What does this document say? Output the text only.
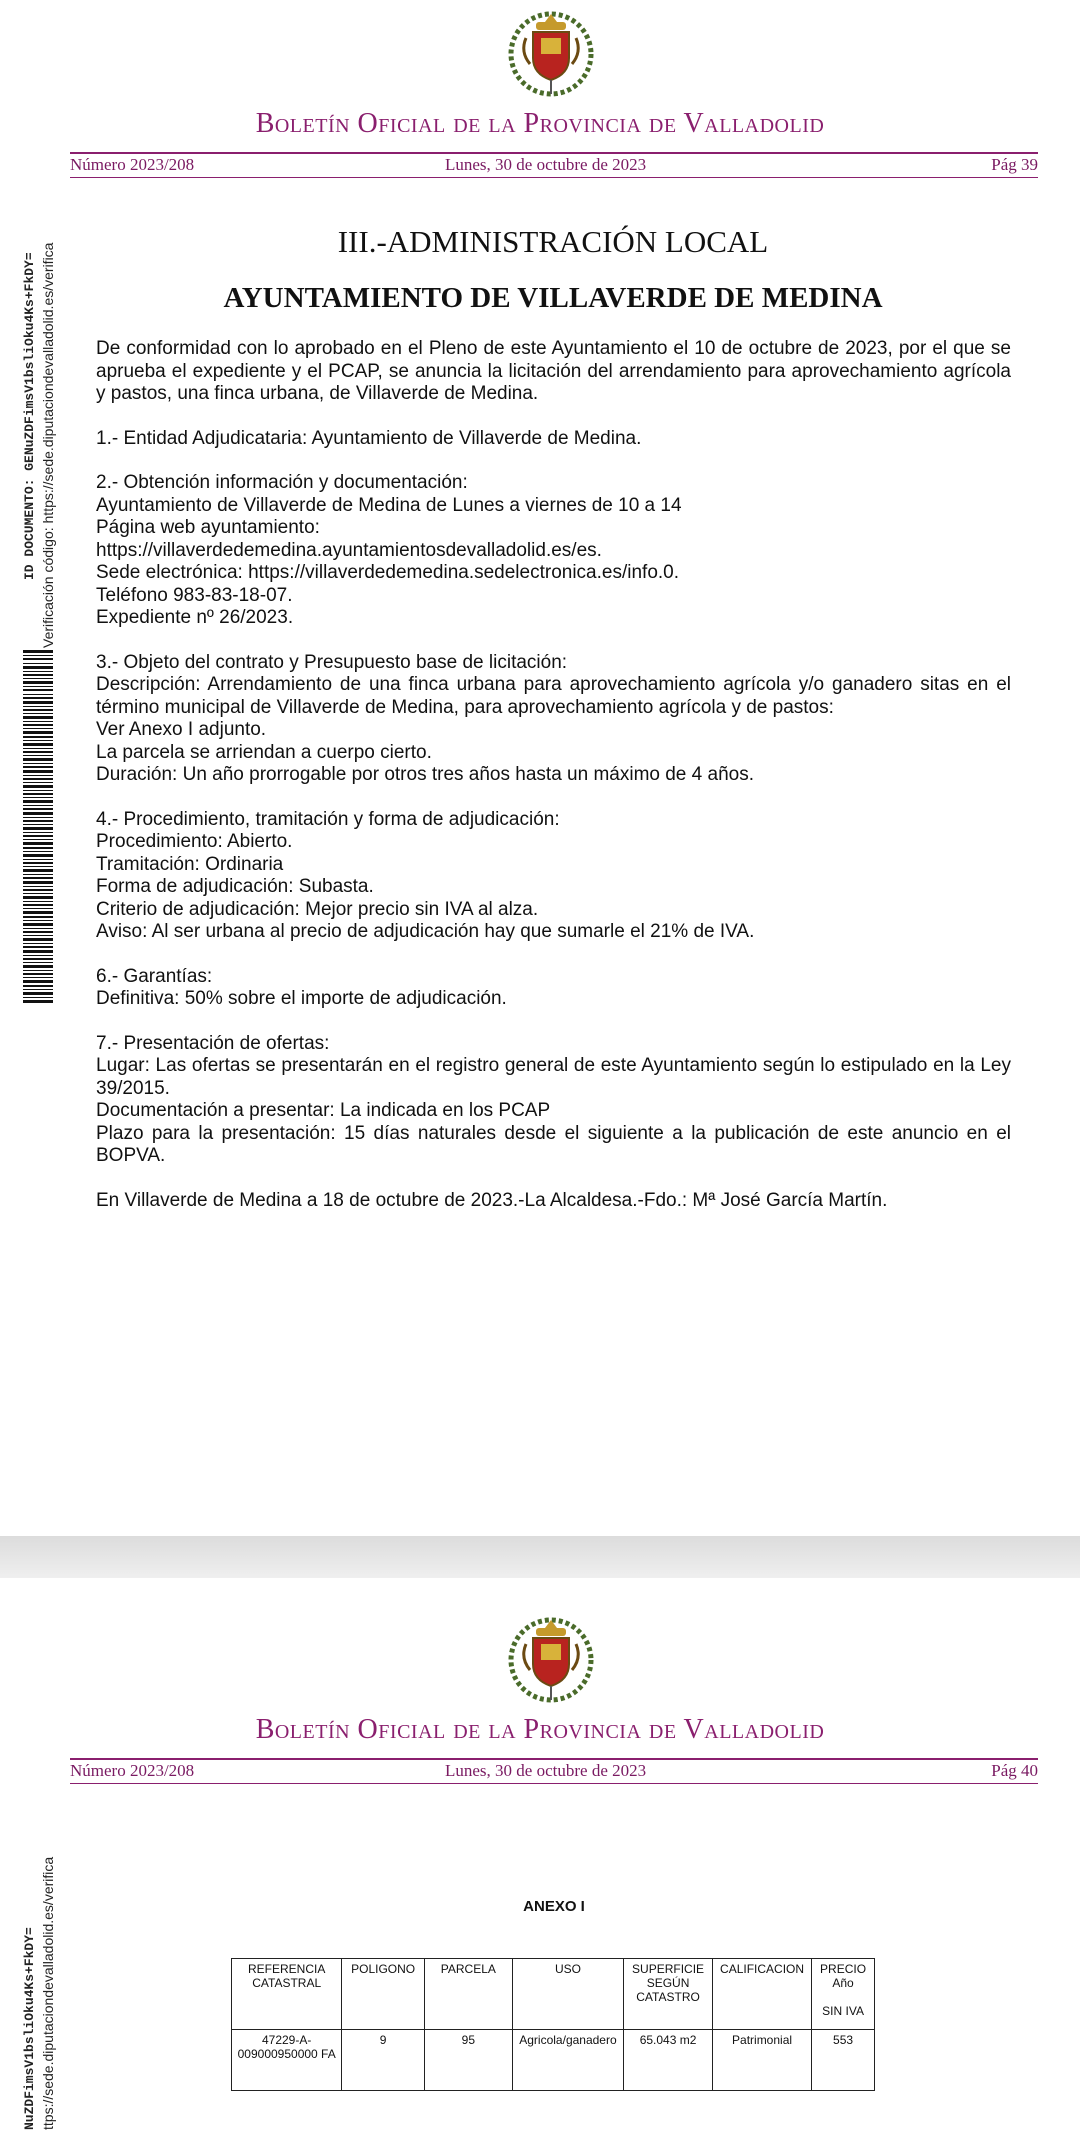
Boletín Oficial de la Provincia de Valladolid
Número 2023/208	Lunes, 30 de octubre de 2023	Pág 39
ID DOCUMENTO: GENuZDFimsV1bsliOku4Ks+FkDY= Verificación código: https://sede.diputaciondevalladolid.es/verifica
III.-ADMINISTRACIÓN LOCAL
AYUNTAMIENTO DE VILLAVERDE DE MEDINA

De conformidad con lo aprobado en el Pleno de este Ayuntamiento el 10 de octubre de 2023, por el que se aprueba el expediente y el PCAP, se anuncia la licitación del arrendamiento para aprovechamiento agrícola y pastos, una finca urbana, de Villaverde de Medina.

1.- Entidad Adjudicataria: Ayuntamiento de Villaverde de Medina.

2.- Obtención información y documentación:

Ayuntamiento de Villaverde de Medina de Lunes a viernes de 10 a 14

Página web ayuntamiento:

https://villaverdedemedina.ayuntamientosdevalladolid.es/es.

Sede electrónica: https://villaverdedemedina.sedelectronica.es/info.0.

Teléfono 983-83-18-07.

Expediente nº 26/2023.

3.- Objeto del contrato y Presupuesto base de licitación:

Descripción: Arrendamiento de una finca urbana para aprovechamiento agrícola y/o ganadero sitas en el término municipal de Villaverde de Medina, para aprovechamiento agrícola y de pastos:

Ver Anexo I adjunto.

La parcela se arriendan a cuerpo cierto.

Duración: Un año prorrogable por otros tres años hasta un máximo de 4 años.

4.- Procedimiento, tramitación y forma de adjudicación:

Procedimiento: Abierto.

Tramitación: Ordinaria

Forma de adjudicación: Subasta.

Criterio de adjudicación: Mejor precio sin IVA al alza.

Aviso: Al ser urbana al precio de adjudicación hay que sumarle el 21% de IVA.

6.- Garantías:

Definitiva: 50% sobre el importe de adjudicación.

7.- Presentación de ofertas:

Lugar: Las ofertas se presentarán en el registro general de este Ayuntamiento según lo estipulado en la Ley 39/2015.

Documentación a presentar: La indicada en los PCAP

Plazo para la presentación: 15 días naturales desde el siguiente a la publicación de este anuncio en el BOPVA.

En Villaverde de Medina a 18 de octubre de 2023.-La Alcaldesa.-Fdo.: Mª José García Martín.

Boletín Oficial de la Provincia de Valladolid
Número 2023/208	Lunes, 30 de octubre de 2023	Pág 40
NuZDFimsV1bsliOku4Ks+FkDY= ttps://sede.diputaciondevalladolid.es/verifica	ANEXO I
REFERENCIA CATASTRAL	POLIGONO	PARCELA	USO	SUPERFICIE SEGÚN CATASTRO	CALIFICACION	PRECIO Año

SIN IVA
47229-A-009000950000 FA	9	95	Agricola/ganadero	65.043 m2	Patrimonial	553
